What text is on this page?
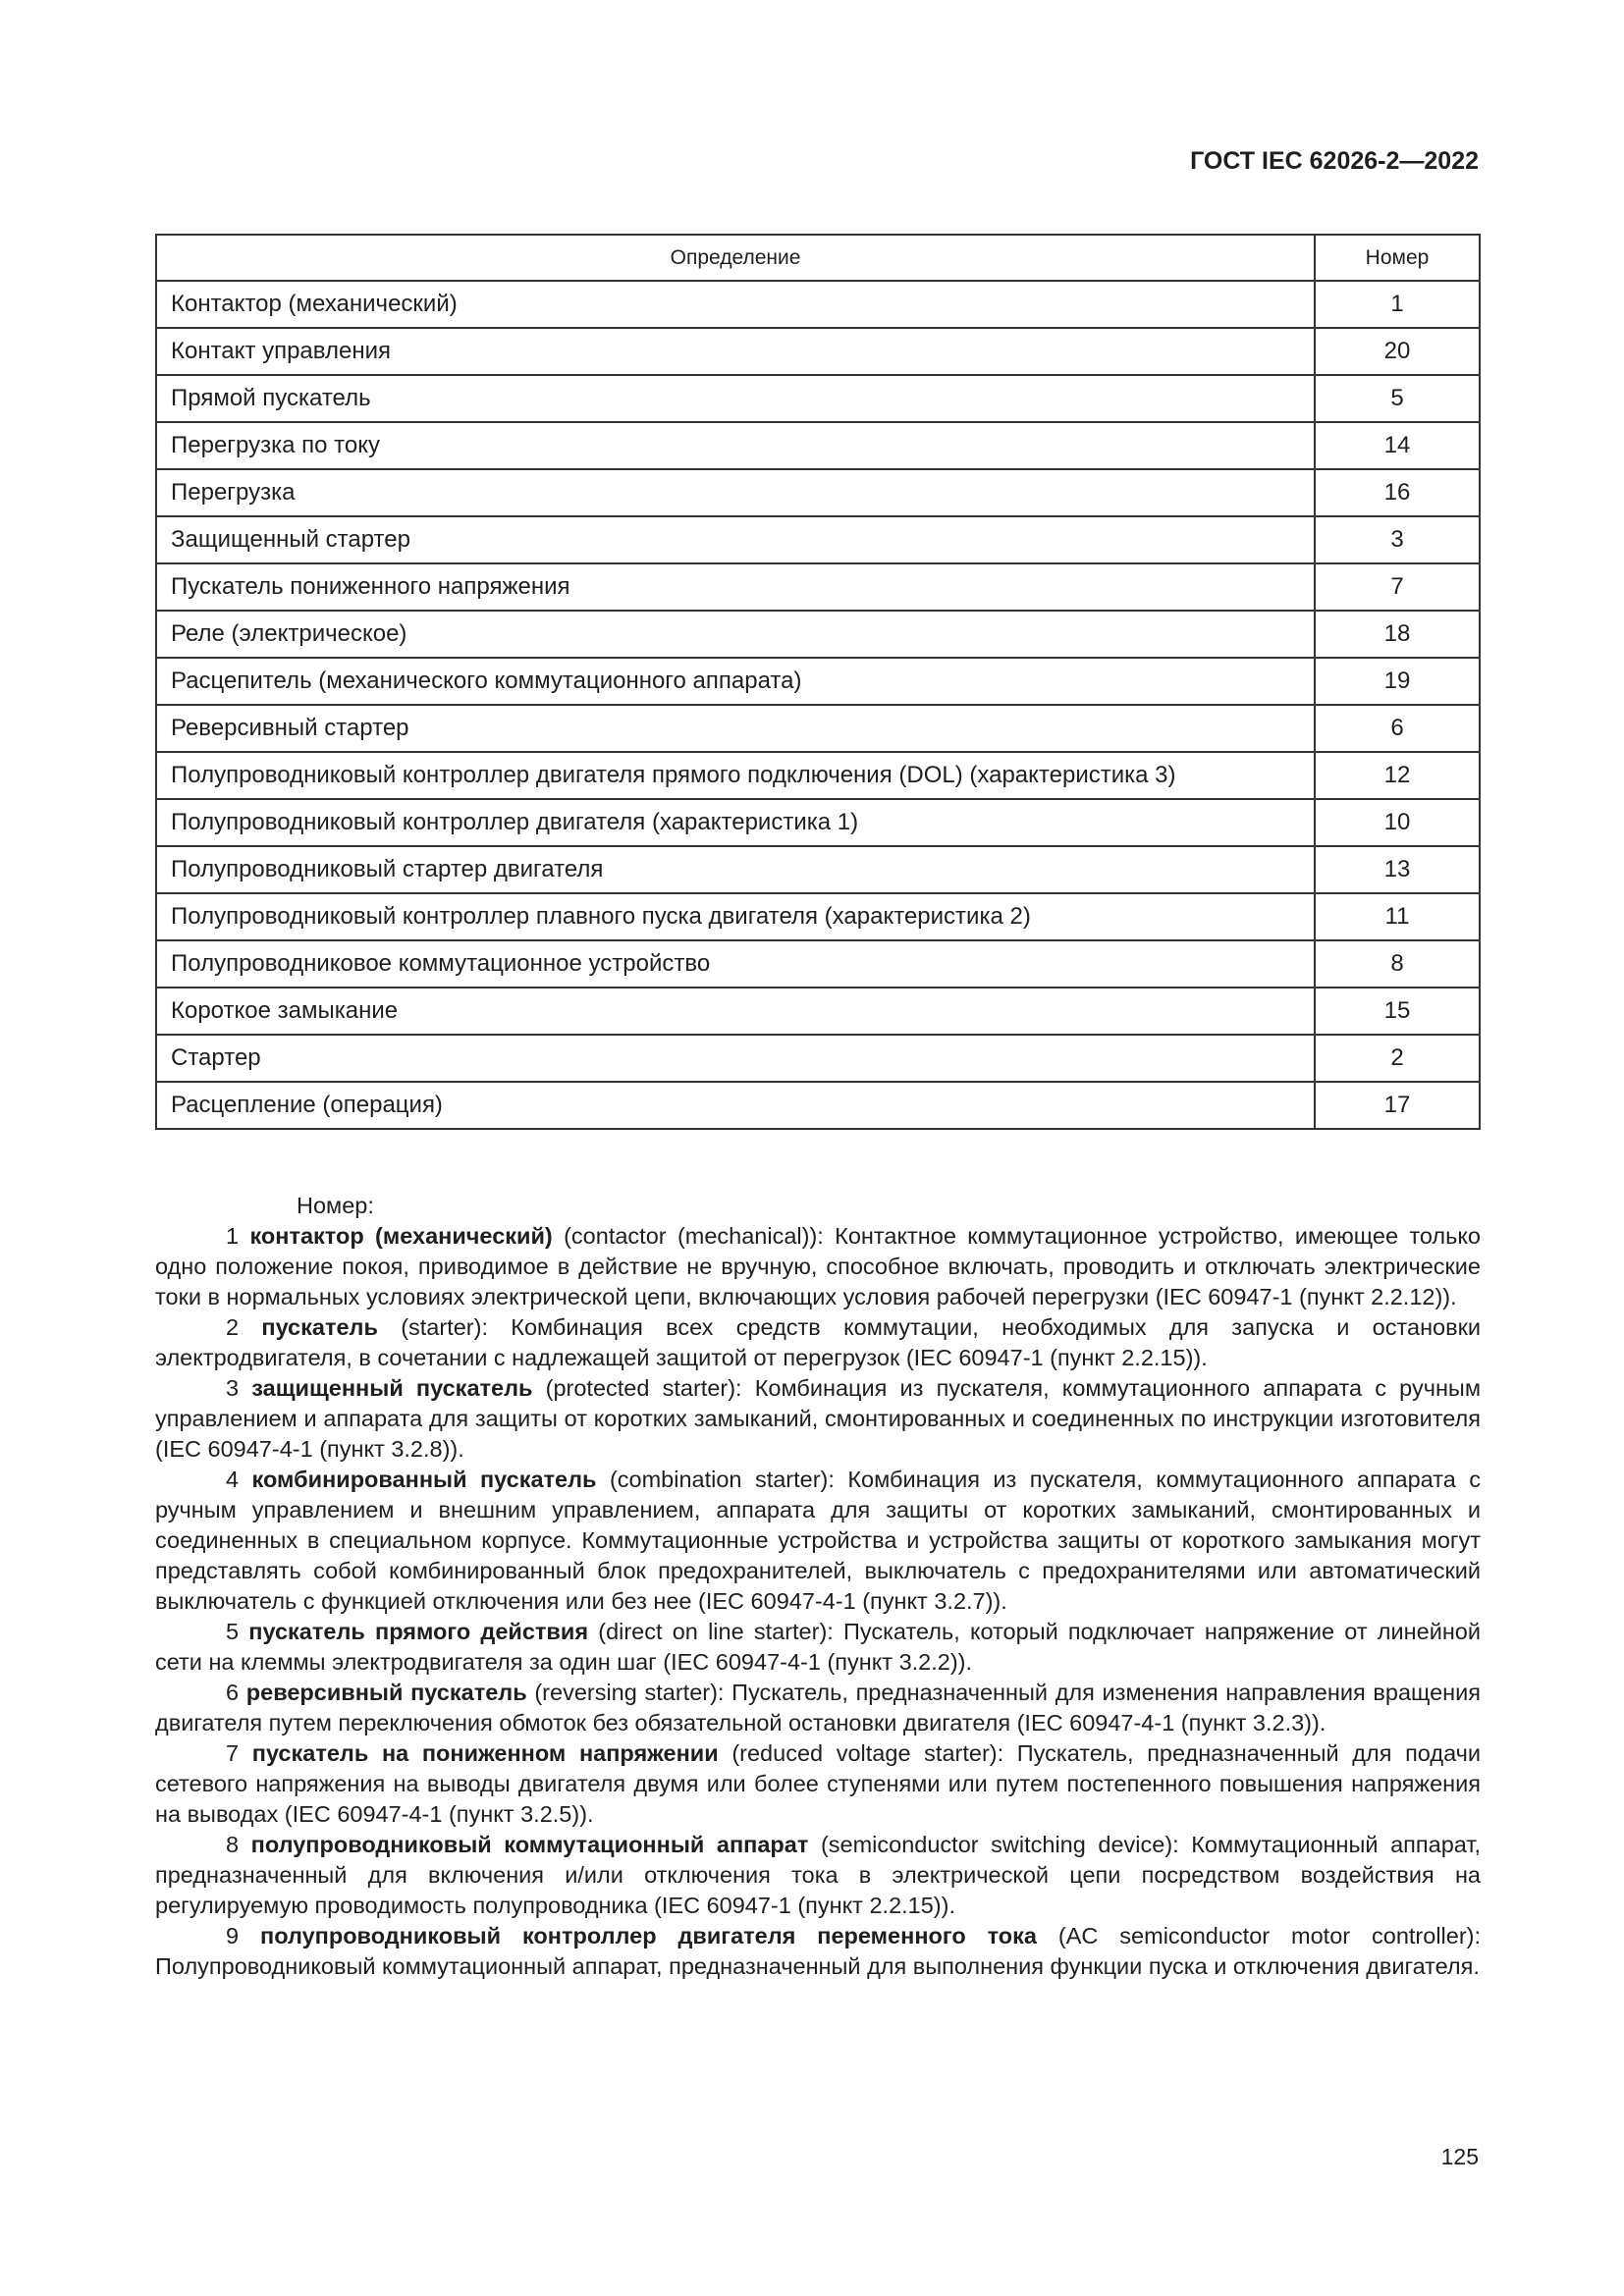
ГОСТ IEC 62026-2—2022

Определение	Номер
Контактор (механический)	1
Контакт управления	20
Прямой пускатель	5
Перегрузка по току	14
Перегрузка	16
Защищенный стартер	3
Пускатель пониженного напряжения	7
Реле (электрическое)	18
Расцепитель (механического коммутационного аппарата)	19
Реверсивный стартер	6
Полупроводниковый контроллер двигателя прямого подключения (DOL) (характеристика 3)	12
Полупроводниковый контроллер двигателя (характеристика 1)	10
Полупроводниковый стартер двигателя	13
Полупроводниковый контроллер плавного пуска двигателя (характеристика 2)	11
Полупроводниковое коммутационное устройство	8
Короткое замыкание	15
Стартер	2
Расцепление (операция)	17

Номер:

1 контактор (механический) (contactor (mechanical)): Контактное коммутационное устройство, имеющее только одно положение покоя, приводимое в действие не вручную, способное включать, проводить и отключать электрические токи в нормальных условиях электрической цепи, включающих условия рабочей перегрузки (IEC 60947-1 (пункт 2.2.12)).

2 пускатель (starter): Комбинация всех средств коммутации, необходимых для запуска и остановки электродвигателя, в сочетании с надлежащей защитой от перегрузок (IEC 60947-1 (пункт 2.2.15)).

3 защищенный пускатель (protected starter): Комбинация из пускателя, коммутационного аппарата с ручным управлением и аппарата для защиты от коротких замыканий, смонтированных и соединенных по инструкции изготовителя (IEC 60947-4-1 (пункт 3.2.8)).

4 комбинированный пускатель (combination starter): Комбинация из пускателя, коммутационного аппарата с ручным управлением и внешним управлением, аппарата для защиты от коротких замыканий, смонтированных и соединенных в специальном корпусе. Коммутационные устройства и устройства защиты от короткого замыкания могут представлять собой комбинированный блок предохранителей, выключатель с предохранителями или автоматический выключатель с функцией отключения или без нее (IEC 60947-4-1 (пункт 3.2.7)).

5 пускатель прямого действия (direct on line starter): Пускатель, который подключает напряжение от линейной сети на клеммы электродвигателя за один шаг (IEC 60947-4-1 (пункт 3.2.2)).

6 реверсивный пускатель (reversing starter): Пускатель, предназначенный для изменения направления вращения двигателя путем переключения обмоток без обязательной остановки двигателя (IEC 60947-4-1 (пункт 3.2.3)).

7 пускатель на пониженном напряжении (reduced voltage starter): Пускатель, предназначенный для подачи сетевого напряжения на выводы двигателя двумя или более ступенями или путем постепенного повышения напряжения на выводах (IEC 60947-4-1 (пункт 3.2.5)).

8 полупроводниковый коммутационный аппарат (semiconductor switching device): Коммутационный аппарат, предназначенный для включения и/или отключения тока в электрической цепи посредством воздействия на регулируемую проводимость полупроводника (IEC 60947-1 (пункт 2.2.15)).

9 полупроводниковый контроллер двигателя переменного тока (AC semiconductor motor controller): Полупроводниковый коммутационный аппарат, предназначенный для выполнения функции пуска и отключения двигателя.

125
